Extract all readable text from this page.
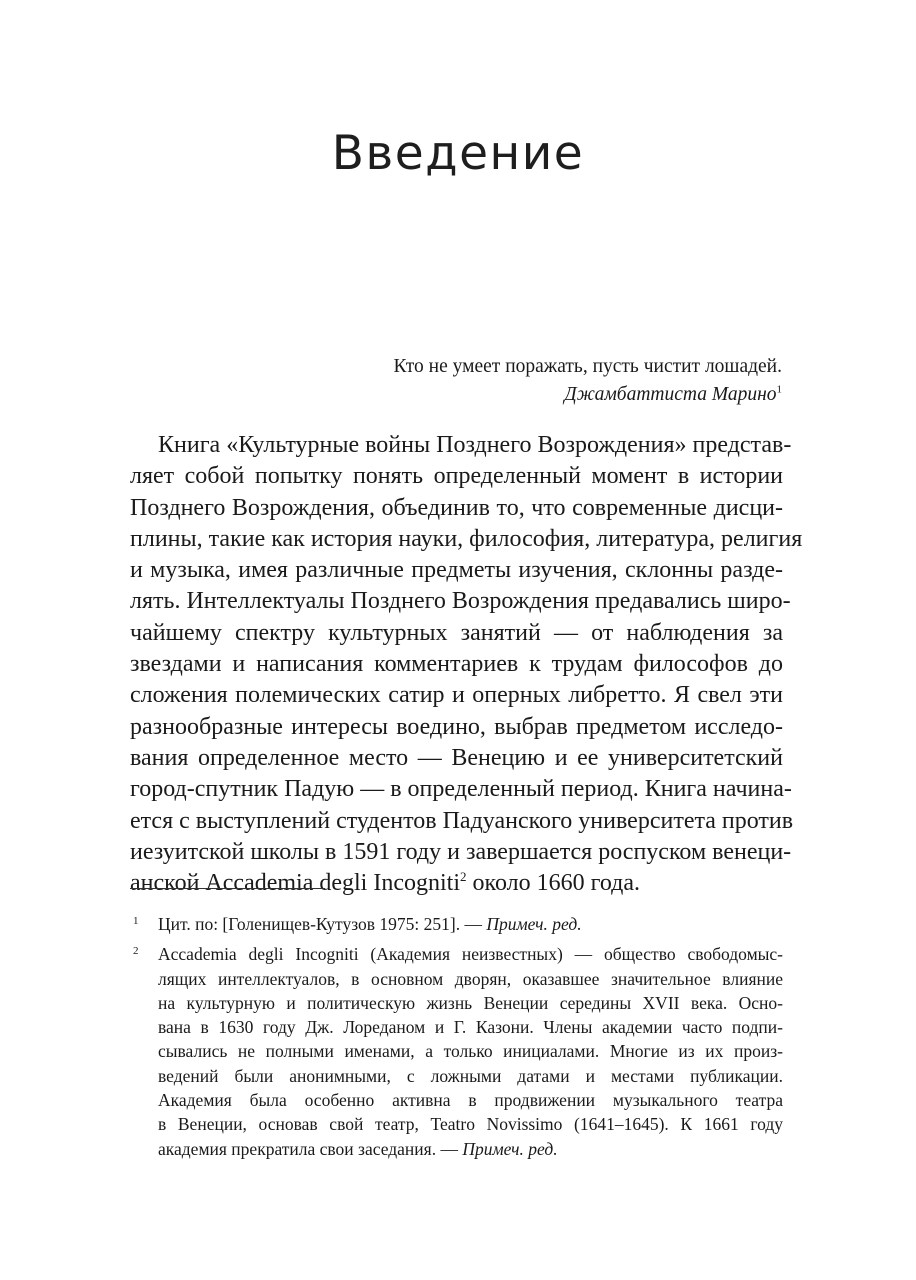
Введение
Кто не умеет поражать, пусть чистит лошадей.
Джамбаттиста Марино$^1$
Книга «Культурные войны Позднего Возрождения» представ-
ляет собой попытку понять определенный момент в истории
Позднего Возрождения, объединив то, что современные дисци-
плины, такие как история науки, философия, литература, религия
и музыка, имея различные предметы изучения, склонны разде-
лять. Интеллектуалы Позднего Возрождения предавались широ-
чайшему спектру культурных занятий — от наблюдения за
звездами и написания комментариев к трудам философов до
сложения полемических сатир и оперных либретто. Я свел эти
разнообразные интересы воедино, выбрав предметом исследо-
вания определенное место — Венецию и ее университетский
город-спутник Падую — в определенный период. Книга начина-
ется с выступлений студентов Падуанского университета против
иезуитской школы в 1591 году и завершается роспуском венеци-
анской Accademia degli Incogniti$^2$ около 1660 года.
1 Цит. по: [Голенищев-Кутузов 1975: 251]. — Примеч. ред.
2 Accademia degli Incogniti (Академия неизвестных) — общество свободомыс-
лящих интеллектуалов, в основном дворян, оказавшее значительное влияние
на культурную и политическую жизнь Венеции середины XVII века. Осно-
вана в 1630 году Дж. Лореданом и Г. Казони. Члены академии часто подпи-
сывались не полными именами, а только инициалами. Многие из их произ-
ведений были анонимными, с ложными датами и местами публикации.
Академия была особенно активна в продвижении музыкального театра
в Венеции, основав свой театр, Teatro Novissimo (1641–1645). К 1661 году
академия прекратила свои заседания. — Примеч. ред.
